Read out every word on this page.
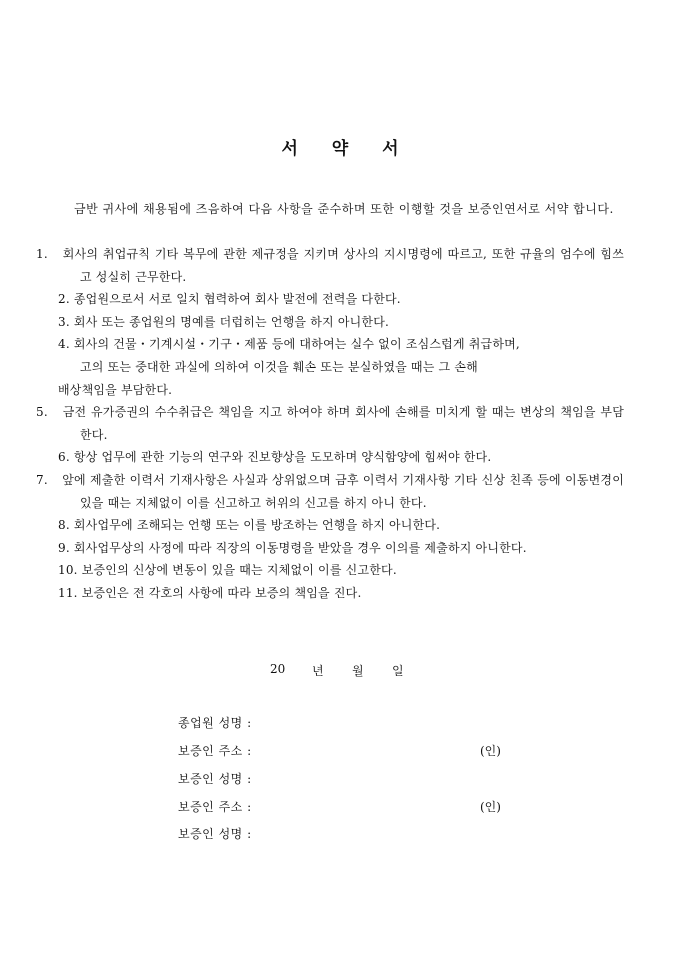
서 약 서
금반 귀사에 채용됨에 즈음하여 다음 사항을 준수하며 또한 이행할 것을 보증인연서로 서약 합니다.

1. 회사의 취업규칙 기타 복무에 관한 제규정을 지키며 상사의 지시명령에 따르고, 또한 규율의 엄수에 힘쓰고 성실히 근무한다.

2. 종업원으로서 서로 일치 협력하여 회사 발전에 전력을 다한다.

3. 회사 또는 종업원의 명예를 더럽히는 언행을 하지 아니한다.

4. 회사의 건물・기계시설・기구・제품 등에 대하여는 실수 없이 조심스럽게 취급하며,

고의 또는 중대한 과실에 의하여 이것을 훼손 또는 분실하였을 때는 그 손해

배상책임을 부담한다.

5. 금전 유가증권의 수수취급은 책임을 지고 하여야 하며 회사에 손해를 미치게 할 때는 변상의 책임을 부담한다.

6. 항상 업무에 관한 기능의 연구와 진보향상을 도모하며 양식함양에 힘써야 한다.

7. 앞에 제출한 이력서 기재사항은 사실과 상위없으며 금후 이력서 기재사항 기타 신상 친족 등에 이동변경이 있을 때는 지체없이 이를 신고하고 허위의 신고를 하지 아니 한다.

8. 회사업무에 조해되는 언행 또는 이를 방조하는 언행을 하지 아니한다.

9. 회사업무상의 사정에 따라 직장의 이동명령을 받았을 경우 이의를 제출하지 아니한다.

10. 보증인의 신상에 변동이 있을 때는 지체없이 이를 신고한다.

11. 보증인은 전 각호의 사항에 따라 보증의 책임을 진다.

20 년 월 일
종업원 성명 :
보증인 주소 :	(인)
보증인 성명 :
보증인 주소 :	(인)
보증인 성명 :
